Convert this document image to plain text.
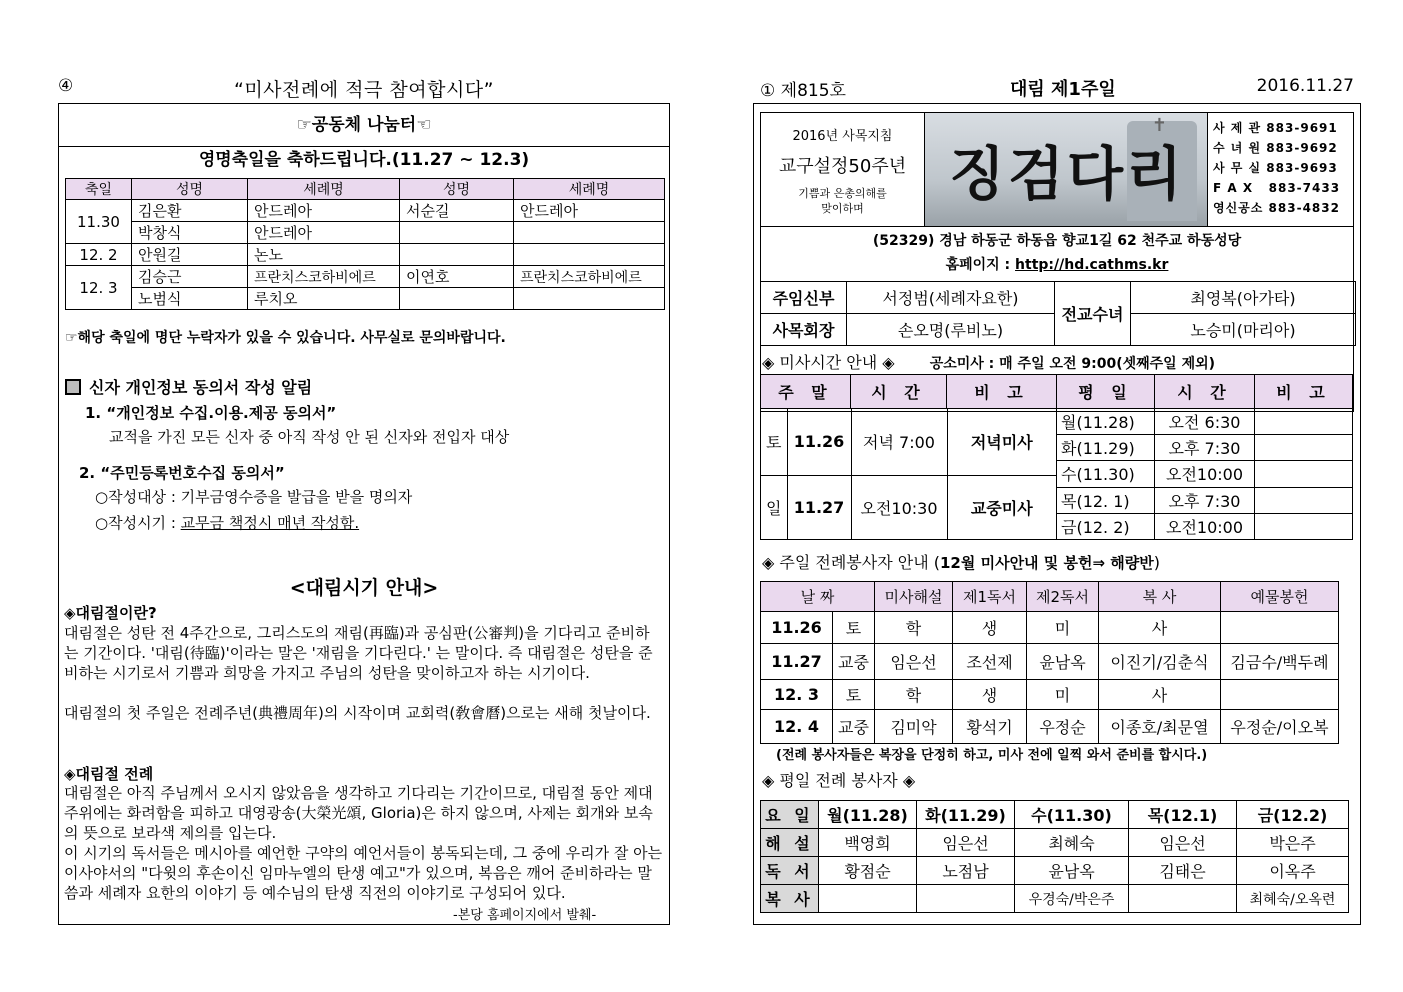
④	“미사전례에 적극 참여합시다”
☞공동체 나눔터☜
영명축일을 축하드립니다.(11.27 ~ 12.3)
축일	성명	세례명	성명	세례명
11.30	김은환	안드레아	서순길	안드레아
	박창식	안드레아		
12. 2	안원길	논노		
12. 3	김승근	프란치스코하비에르	이연호	프란치스코하비에르
	노범식	루치오		
☞해당 축일에 명단 누락자가 있을 수 있습니다. 사무실로 문의바랍니다.
신자 개인정보 동의서 작성 알림
1. “개인정보 수집.이용.제공 동의서”
교적을 가진 모든 신자 중 아직 작성 안 된 신자와 전입자 대상
2. “주민등록번호수집 동의서”
○작성대상 : 기부금영수증을 발급을 받을 명의자
○작성시기 : 교무금 책정시 매년 작성함.
<대림시기 안내>
◈대림절이란?
대림절은 성탄 전 4주간으로, 그리스도의 재림(再臨)과 공심판(公審判)을 기다리고 준비하는 기간이다. '대림(待臨)'이라는 말은 '재림을 기다린다.' 는 말이다. 즉 대림절은 성탄을 준비하는 시기로서 기쁨과 희망을 가지고 주님의 성탄을 맞이하고자 하는 시기이다.
대림절의 첫 주일은 전례주년(典禮周年)의 시작이며 교회력(敎會曆)으로는 새해 첫날이다.
◈대림절 전례
대림절은 아직 주님께서 오시지 않았음을 생각하고 기다리는 기간이므로, 대림절 동안 제대 주위에는 화려함을 피하고 대영광송(大榮光頌, Gloria)은 하지 않으며, 사제는 회개와 보속의 뜻으로 보라색 제의를 입는다.
이 시기의 독서들은 메시아를 예언한 구약의 예언서들이 봉독되는데, 그 중에 우리가 잘 아는 이사야서의 "다윗의 후손이신 임마누엘의 탄생 예고"가 있으며, 복음은 깨어 준비하라는 말씀과 세례자 요한의 이야기 등 예수님의 탄생 직전의 이야기로 구성되어 있다.
-본당 홈페이지에서 발췌-
① 제815호	대림 제1주일	2016.11.27
2016년 사목지침
교구설정50주년
기쁨과 은총의해를
맞이하며
✝
징검다리
사 제 관 883-9691
수 녀 원 883-9692
사 무 실 883-9693
F A X   883-7433
영신공소 883-4832
(52329) 경남 하동군 하동읍 향교1길 62 천주교 하동성당
홈페이지 : http://hd.cathms.kr
주임신부	서정범(세례자요한)	전교수녀	최영복(아가타)
사목회장	손오명(루비노)		노승미(마리아)
◈ 미사시간 안내 ◈	공소미사 : 매 주일 오전 9:00(셋째주일 제외)
주 말	시 간	비 고	평 일	시 간	비 고

토	11.26	저녁 7:00	저녁미사
일	11.27	오전10:30	교중미사
	월(11.28)	오전 6:30	
화(11.29)	오후 7:30	
수(11.30)	오전10:00	
목(12. 1)	오후 7:30	
금(12. 2)	오전10:00	
◈ 주일 전례봉사자 안내 (12월 미사안내 및 봉헌⇒ 해량반)
날 짜		미사해설	제1독서	제2독서	복 사	예물봉헌
11.26	토	학	생	미	사	
11.27	교중	임은선	조선제	윤남옥	이진기/김춘식	김금수/백두례
12. 3	토	학	생	미	사	
12. 4	교중	김미악	황석기	우정순	이종호/최문열	우정순/이오복
(전례 봉사자들은 복장을 단정히 하고, 미사 전에 일찍 와서 준비를 합시다.)
◈ 평일 전례 봉사자 ◈
요 일	월(11.28)	화(11.29)	수(11.30)	목(12.1)	금(12.2)
해 설	백영희	임은선	최혜숙	임은선	박은주
독 서	황점순	노점남	윤남옥	김태은	이옥주
복 사			우경숙/박은주		최혜숙/오옥련
